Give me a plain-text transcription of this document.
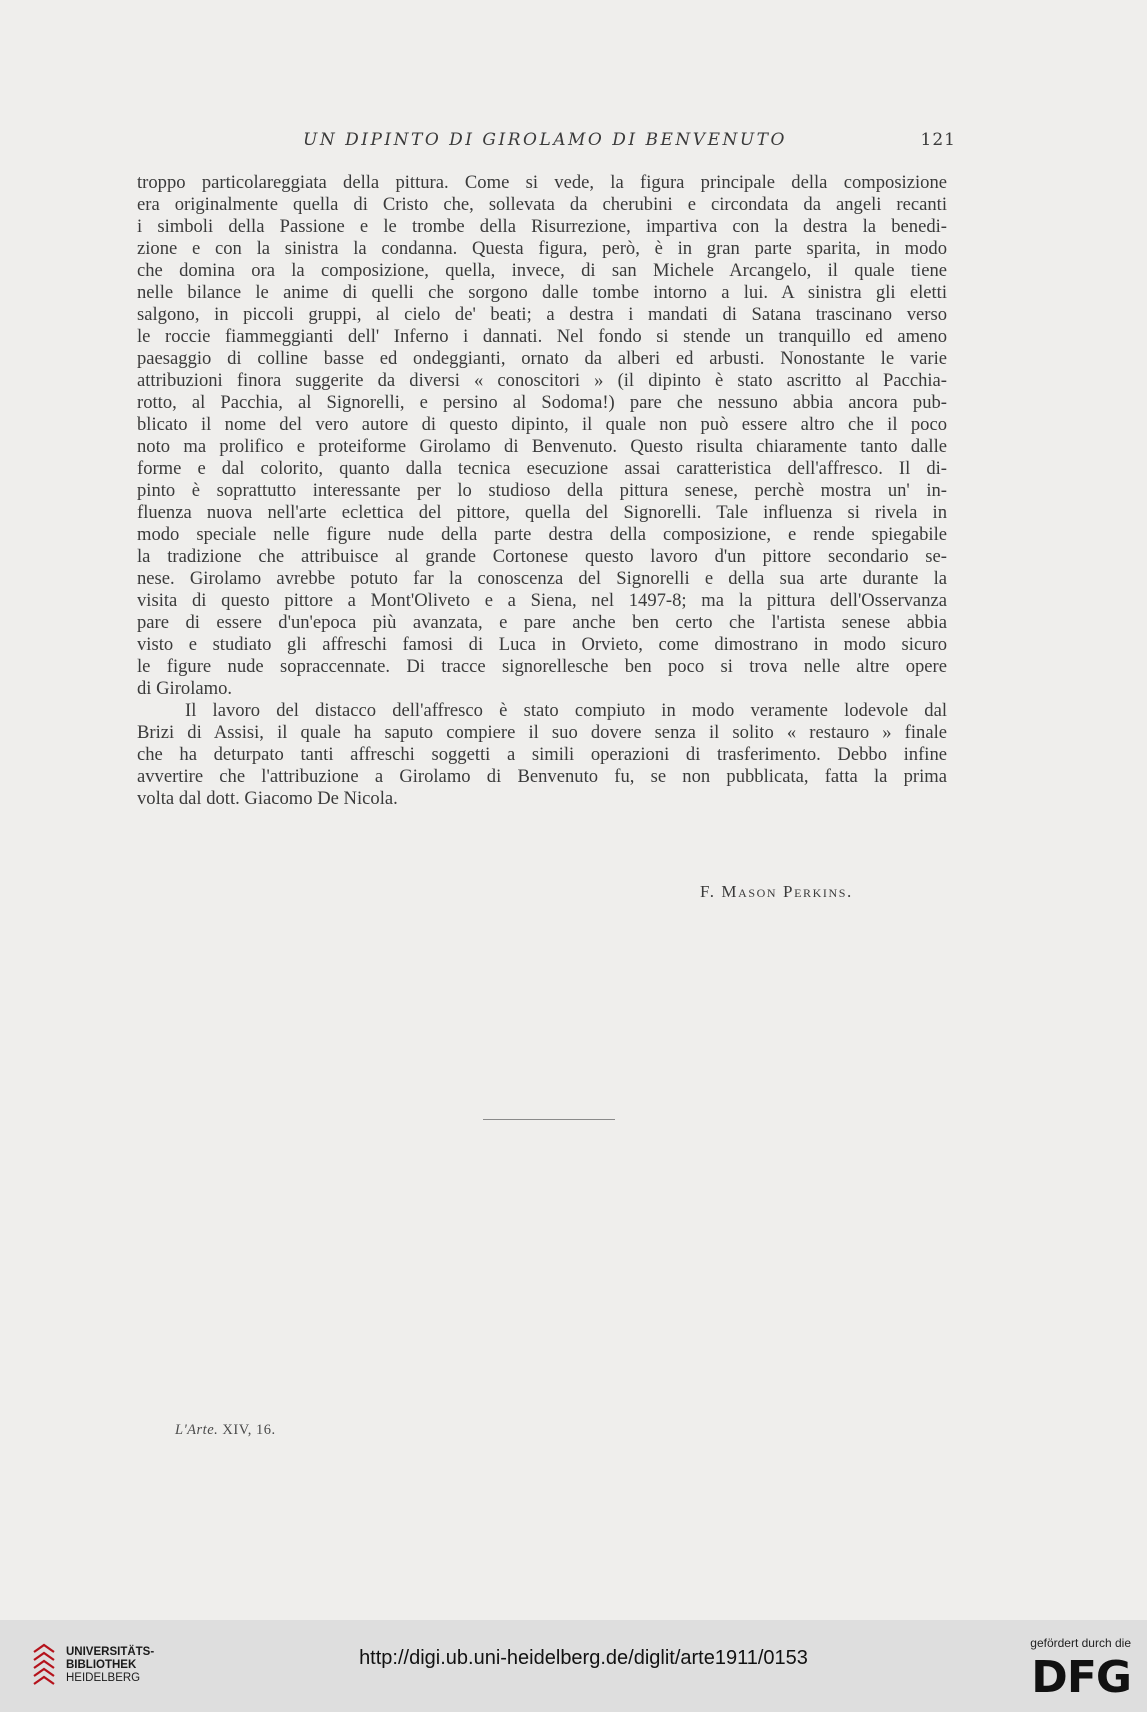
UN DIPINTO DI GIROLAMO DI BENVENUTO	121
troppo particolareggiata della pittura. Come si vede, la figura principale della composizione
era originalmente quella di Cristo che, sollevata da cherubini e circondata da angeli recanti
i simboli della Passione e le trombe della Risurrezione, impartiva con la destra la benedi-
zione e con la sinistra la condanna. Questa figura, però, è in gran parte sparita, in modo
che domina ora la composizione, quella, invece, di san Michele Arcangelo, il quale tiene
nelle bilance le anime di quelli che sorgono dalle tombe intorno a lui. A sinistra gli eletti
salgono, in piccoli gruppi, al cielo de' beati; a destra i mandati di Satana trascinano verso
le roccie fiammeggianti dell' Inferno i dannati. Nel fondo si stende un tranquillo ed ameno
paesaggio di colline basse ed ondeggianti, ornato da alberi ed arbusti. Nonostante le varie
attribuzioni finora suggerite da diversi « conoscitori » (il dipinto è stato ascritto al Pacchia-
rotto, al Pacchia, al Signorelli, e persino al Sodoma!) pare che nessuno abbia ancora pub-
blicato il nome del vero autore di questo dipinto, il quale non può essere altro che il poco
noto ma prolifico e proteiforme Girolamo di Benvenuto. Questo risulta chiaramente tanto dalle
forme e dal colorito, quanto dalla tecnica esecuzione assai caratteristica dell'affresco. Il di-
pinto è soprattutto interessante per lo studioso della pittura senese, perchè mostra un' in-
fluenza nuova nell'arte eclettica del pittore, quella del Signorelli. Tale influenza si rivela in
modo speciale nelle figure nude della parte destra della composizione, e rende spiegabile
la tradizione che attribuisce al grande Cortonese questo lavoro d'un pittore secondario se-
nese. Girolamo avrebbe potuto far la conoscenza del Signorelli e della sua arte durante la
visita di questo pittore a Mont'Oliveto e a Siena, nel 1497-8; ma la pittura dell'Osservanza
pare di essere d'un'epoca più avanzata, e pare anche ben certo che l'artista senese abbia
visto e studiato gli affreschi famosi di Luca in Orvieto, come dimostrano in modo sicuro
le figure nude sopraccennate. Di tracce signorellesche ben poco si trova nelle altre opere
di Girolamo.
Il lavoro del distacco dell'affresco è stato compiuto in modo veramente lodevole dal
Brizi di Assisi, il quale ha saputo compiere il suo dovere senza il solito « restauro » finale
che ha deturpato tanti affreschi soggetti a simili operazioni di trasferimento. Debbo infine
avvertire che l'attribuzione a Girolamo di Benvenuto fu, se non pubblicata, fatta la prima
volta dal dott. Giacomo De Nicola.
F. Mason Perkins.
L'Arte. XIV, 16.
UNIVERSITÄTS-
BIBLIOTHEK
HEIDELBERG
http://digi.ub.uni-heidelberg.de/diglit/arte1911/0153
gefördert durch die
DFG
